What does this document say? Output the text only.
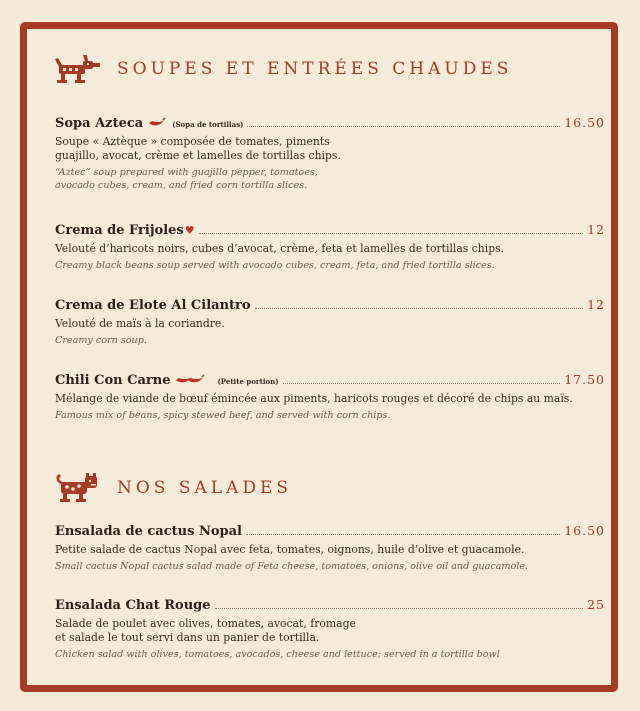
SOUPES ET ENTRÉES CHAUDES
Sopa Azteca	(Sopa de tortillas)	16.50
Soupe « Aztèque » composée de tomates, piments
guajillo, avocat, crème et lamelles de tortillas chips.
“Aztec” soup prepared with guajillo pepper, tomatoes,
avocado cubes, cream, and fried corn tortilla slices.
Crema de Frijoles ♥	12
Velouté d’haricots noirs, cubes d’avocat, crème, feta et lamelles de tortillas chips.
Creamy black beans soup served with avocado cubes, cream, feta, and fried tortilla slices.
Crema de Elote Al Cilantro	12
Velouté de maïs à la coriandre.
Creamy corn soup.
Chili Con Carne	(Petite portion)	17.50
Mélange de viande de bœuf émincée aux piments, haricots rouges et décoré de chips au maïs.
Famous mix of beans, spicy stewed beef, and served with corn chips.
NOS SALADES
Ensalada de cactus Nopal	16.50
Petite salade de cactus Nopal avec feta, tomates, oignons, huile d’olive et guacamole.
Small cactus Nopal cactus salad made of Feta cheese, tomatoes, onions, olive oil and guacamole.
Ensalada Chat Rouge	25
Salade de poulet avec olives, tomates, avocat, fromage
et salade le tout servi dans un panier de tortilla.
Chicken salad with olives, tomatoes, avocados, cheese and lettuce; served in a tortilla bowl
